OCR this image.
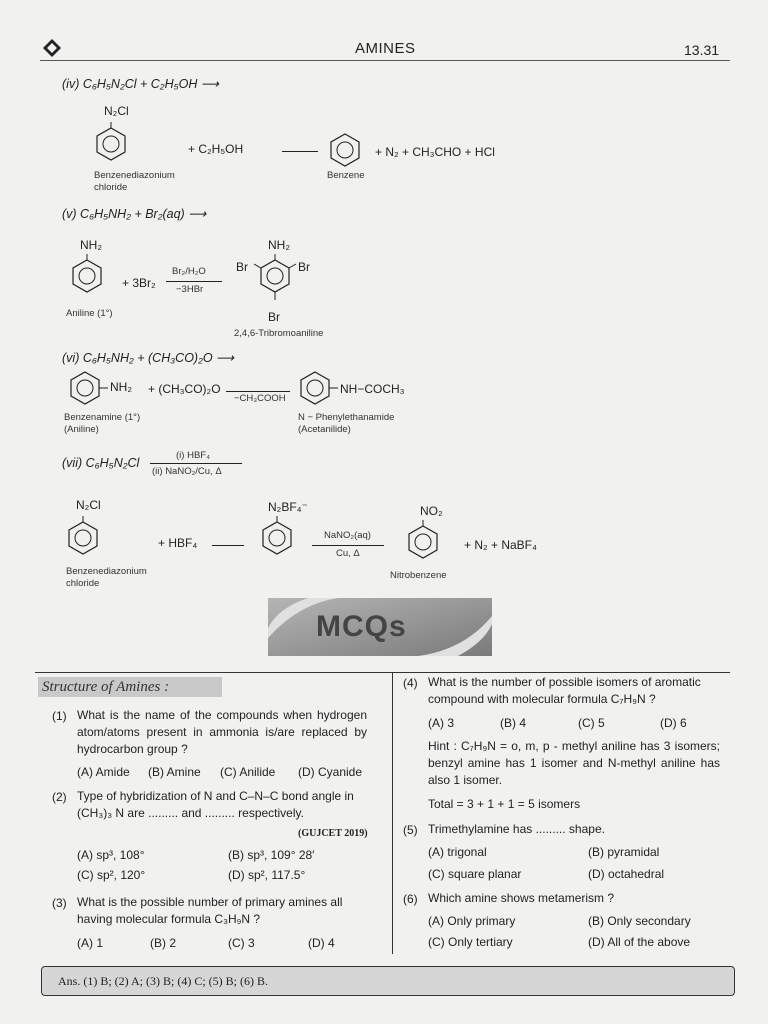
AMINES	13.31
(iv) C₆H₅N₂Cl + C₂H₅OH ⟶
N₂Cl
+ C₂H₅OH	+ N₂ + CH₃CHO + HCl
Benzenediazonium chloride
Benzene
(v) C₆H₅NH₂ + Br₂(aq) ⟶
NH₂
+ 3Br₂
Br₂/H₂O
−3HBr
NH₂
Br	Br
Br
Aniline (1°)
2,4,6-Tribromoaniline
(vi) C₆H₅NH₂ + (CH₃CO)₂O ⟶
NH₂ + (CH₃CO)₂O
−CH₃COOH
NH−COCH₃
Benzenamine (1°) (Aniline)
N − Phenylethanamide (Acetanilide)
(vii) C₆H₅N₂Cl
(i) HBF₄
(ii) NaNO₂/Cu, Δ
N₂Cl
+ HBF₄
N₂BF₄⁻
NaNO₂(aq)
Cu, Δ
NO₂
+ N₂ + NaBF₄
Benzenediazonium chloride
Nitrobenzene
MCQs
Structure of Amines :
(1) What is the name of the compounds when hydrogen atom/atoms present in ammonia is/are replaced by hydrocarbon group ?
(A) Amide (B) Amine (C) Anilide (D) Cyanide
(2) Type of hybridization of N and C–N–C bond angle in (CH₃)₃ N are ......... and ......... respectively.
(GUJCET 2019)
(A) sp³, 108°	(B) sp³, 109° 28′
(C) sp², 120°	(D) sp², 117.5°
(3) What is the possible number of primary amines all having molecular formula C₃H₉N ?
(A) 1	(B) 2	(C) 3	(D) 4
(4) What is the number of possible isomers of aromatic compound with molecular formula C₇H₉N ?
(A) 3	(B) 4	(C) 5	(D) 6
Hint : C₇H₉N = o, m, p - methyl aniline has 3 isomers; benzyl amine has 1 isomer and N-methyl aniline has also 1 isomer.
Total = 3 + 1 + 1 = 5 isomers
(5) Trimethylamine has ......... shape.
(A) trigonal	(B) pyramidal
(C) square planar	(D) octahedral
(6) Which amine shows metamerism ?
(A) Only primary	(B) Only secondary
(C) Only tertiary	(D) All of the above
Ans. (1) B; (2) A; (3) B; (4) C; (5) B; (6) B.
